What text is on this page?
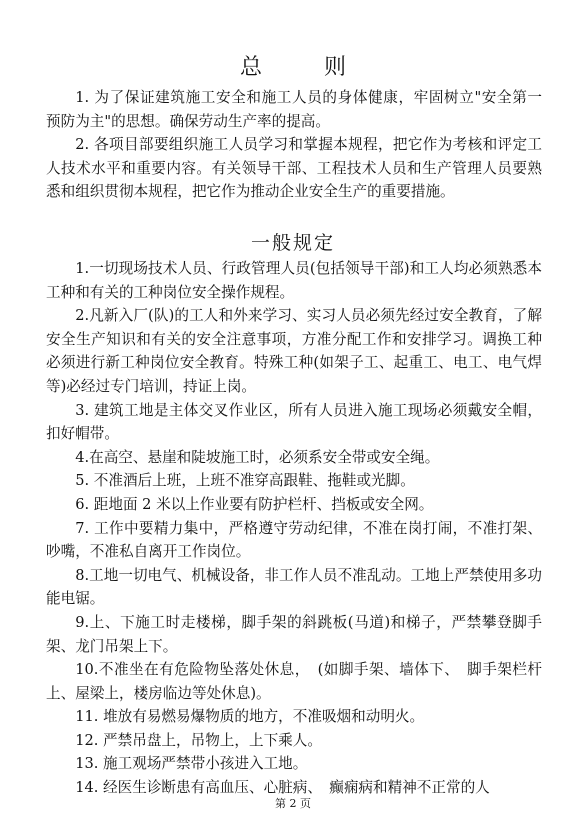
总则

1. 为了保证建筑施工安全和施工人员的身体健康，牢固树立"安全第一　预防为主"的思想。确保劳动生产率的提高。

2. 各项目部要组织施工人员学习和掌握本规程，把它作为考核和评定工人技术水平和重要内容。有关领导干部、工程技术人员和生产管理人员要熟悉和组织贯彻本规程，把它作为推动企业安全生产的重要措施。

一般规定

1.一切现场技术人员、行政管理人员(包括领导干部)和工人均必须熟悉本工种和有关的工种岗位安全操作规程。

2.凡新入厂(队)的工人和外来学习、实习人员必须先经过安全教育，了解安全生产知识和有关的安全注意事项，方准分配工作和安排学习。调换工种必须进行新工种岗位安全教育。特殊工种(如架子工、起重工、电工、电气焊等)必经过专门培训，持证上岗。

3. 建筑工地是主体交叉作业区，所有人员进入施工现场必须戴安全帽，扣好帽带。

4.在高空、悬崖和陡坡施工时，必须系安全带或安全绳。

5. 不准酒后上班，上班不准穿高跟鞋、拖鞋或光脚。

6. 距地面 2 米以上作业要有防护栏杆、挡板或安全网。

7. 工作中要精力集中，严格遵守劳动纪律，不准在岗打闹，不准打架、吵嘴，不准私自离开工作岗位。

8.工地一切电气、机械设备，非工作人员不准乱动。工地上严禁使用多功能电锯。

9.上、下施工时走楼梯，脚手架的斜跳板(马道)和梯子，严禁攀登脚手架、龙门吊架上下。

10.不准坐在有危险物坠落处休息，　(如脚手架、墙体下、　脚手架栏杆上、屋梁上，楼房临边等处休息)。

11. 堆放有易燃易爆物质的地方，不准吸烟和动明火。

12. 严禁吊盘上，吊物上，上下乘人。

13. 施工观场严禁带小孩进入工地。

14. 经医生诊断患有高血压、心脏病、　癫痫病和精神不正常的人

第 2 页
